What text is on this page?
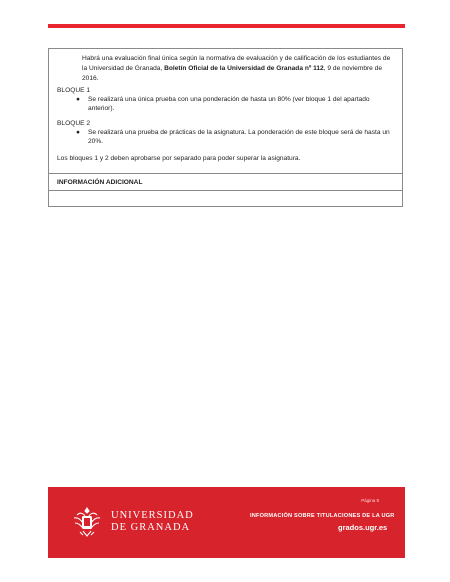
Habrá una evaluación final única según la normativa de evaluación y de calificación de los estudiantes de la Universidad de Granada, Boletín Oficial de la Universidad de Granada nº 112, 9 de noviembre de 2016.
BLOQUE 1
● Se realizará una única prueba con una ponderación de hasta un 80% (ver bloque 1 del apartado anterior).
BLOQUE 2
● Se realizará una prueba de prácticas de la asignatura. La ponderación de este bloque será de hasta un 20%.
Los bloques 1 y 2 deben aprobarse por separado para poder superar la asignatura.
INFORMACIÓN ADICIONAL
UNIVERSIDAD
DE GRANADA
Página 8
INFORMACIÓN SOBRE TITULACIONES DE LA UGR
grados.ugr.es
